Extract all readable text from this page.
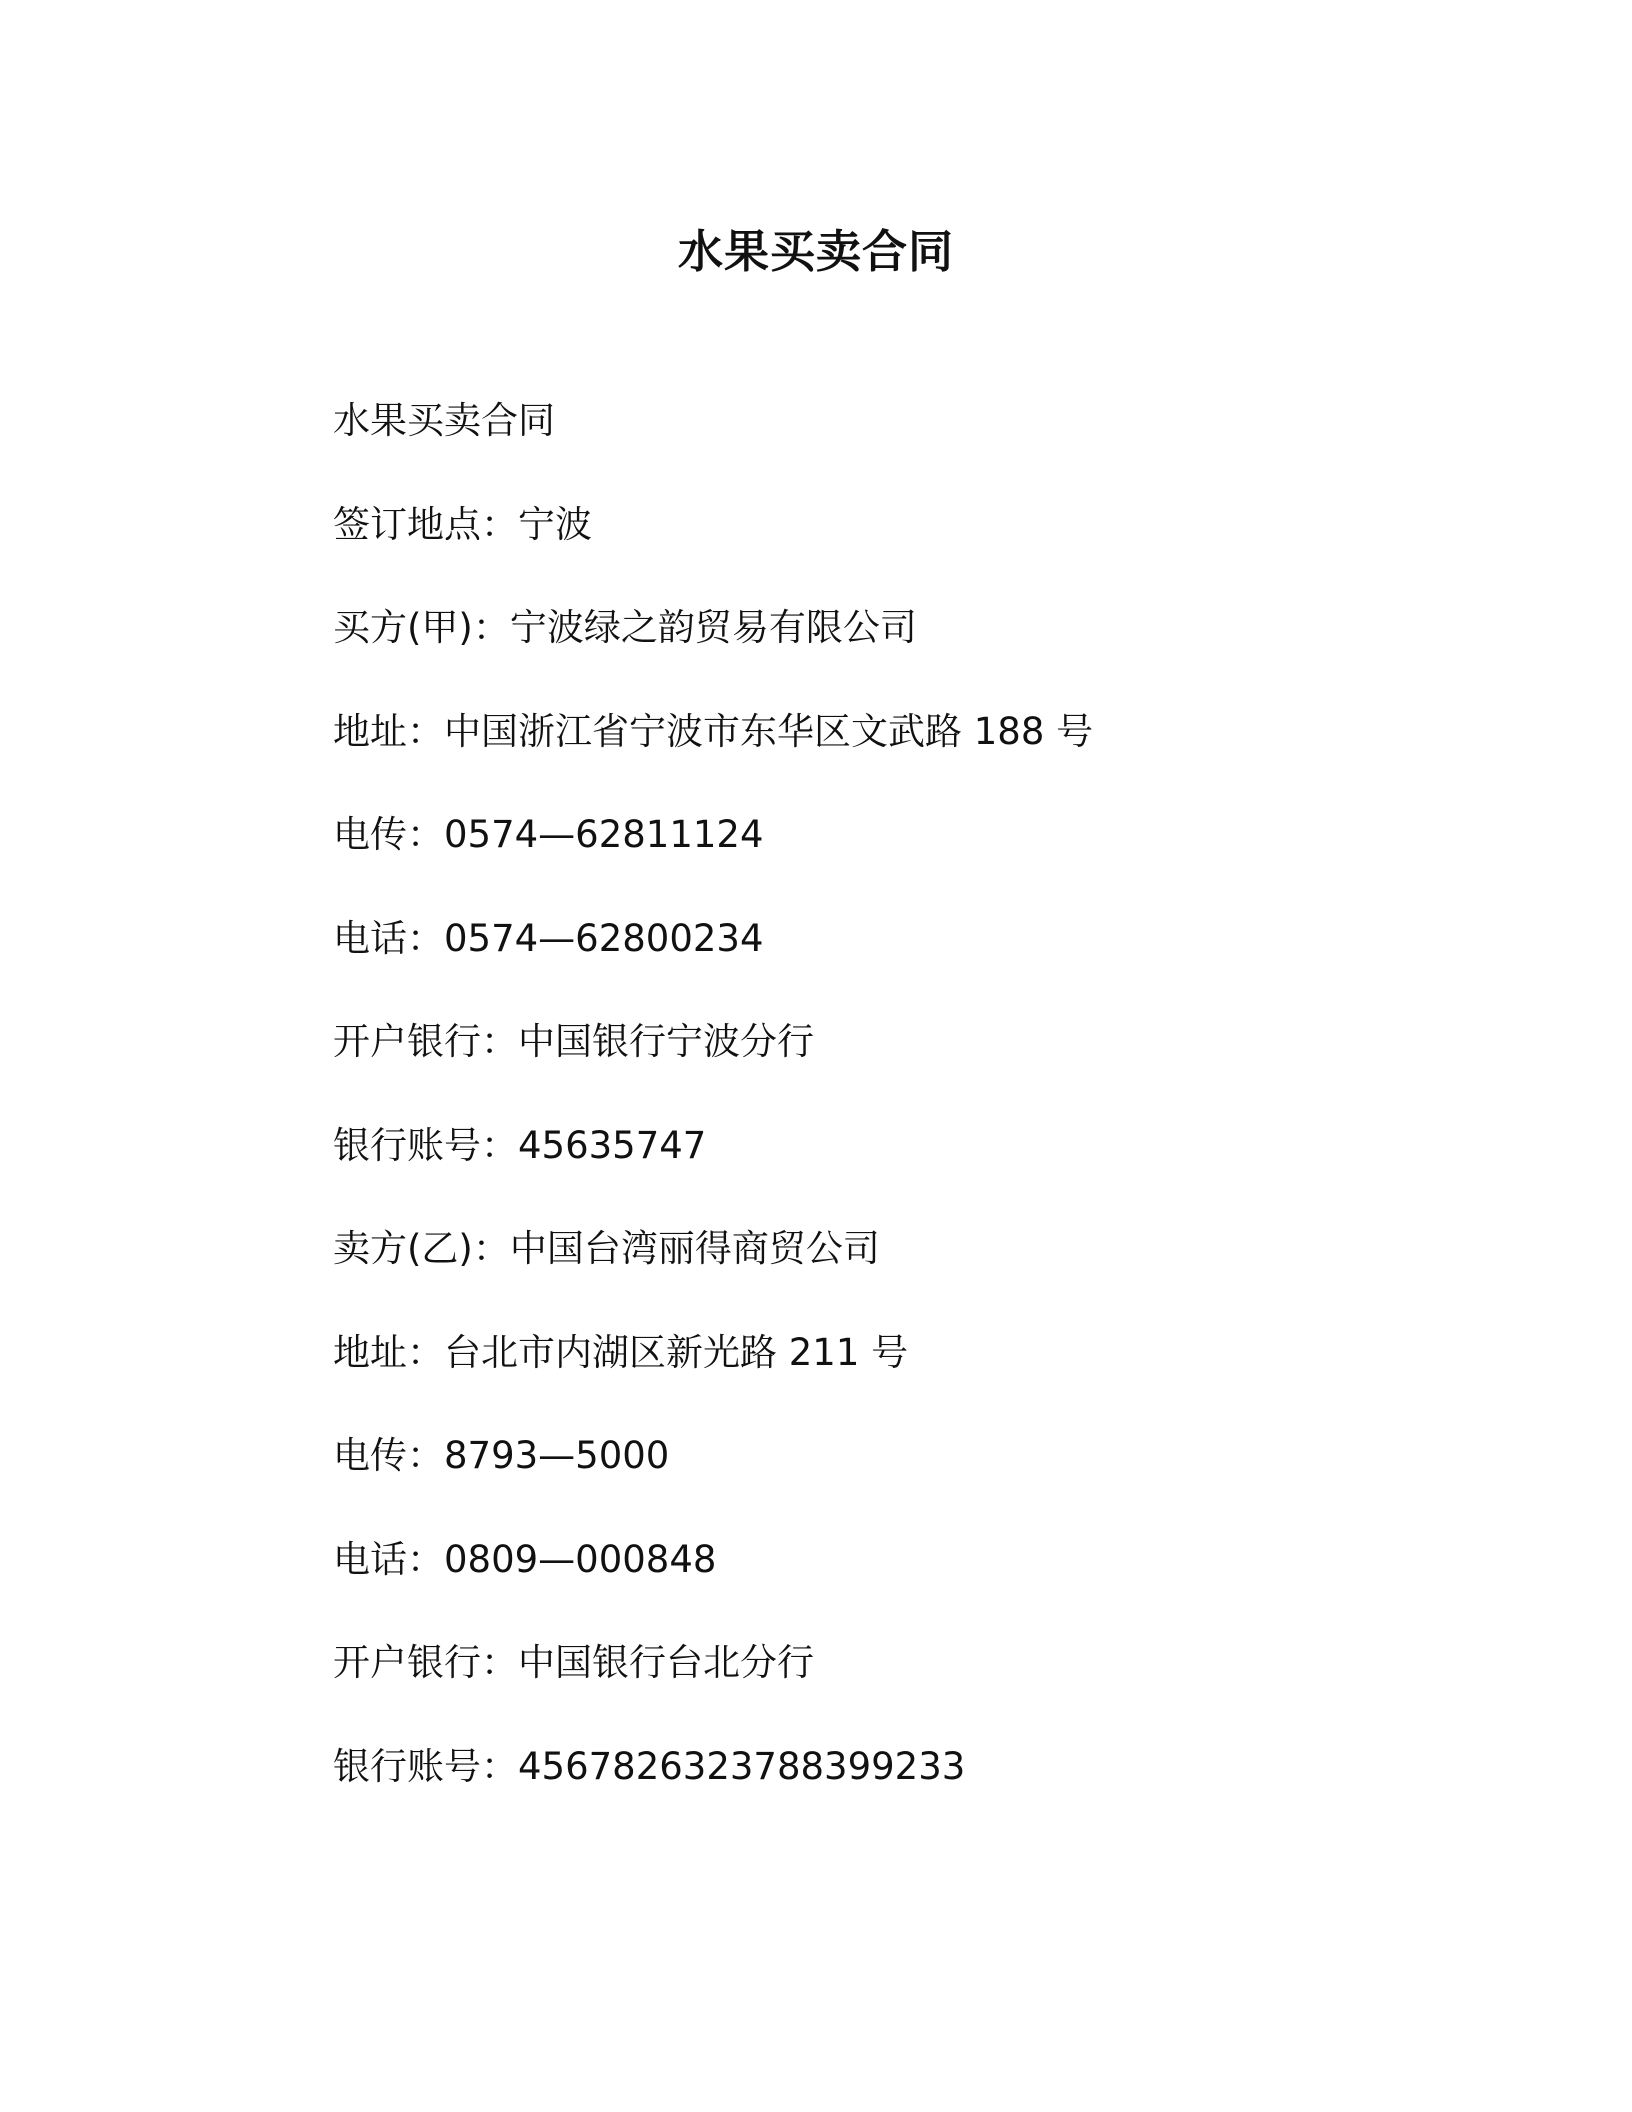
水果买卖合同
水果买卖合同
签订地点：宁波
买方(甲)：宁波绿之韵贸易有限公司
地址：中国浙江省宁波市东华区文武路 188 号
电传：0574—62811124
电话：0574—62800234
开户银行：中国银行宁波分行
银行账号：45635747
卖方(乙)：中国台湾丽得商贸公司
地址：台北市内湖区新光路 211 号
电传：8793—5000
电话：0809—000848
开户银行：中国银行台北分行
银行账号：4567826323788399233
